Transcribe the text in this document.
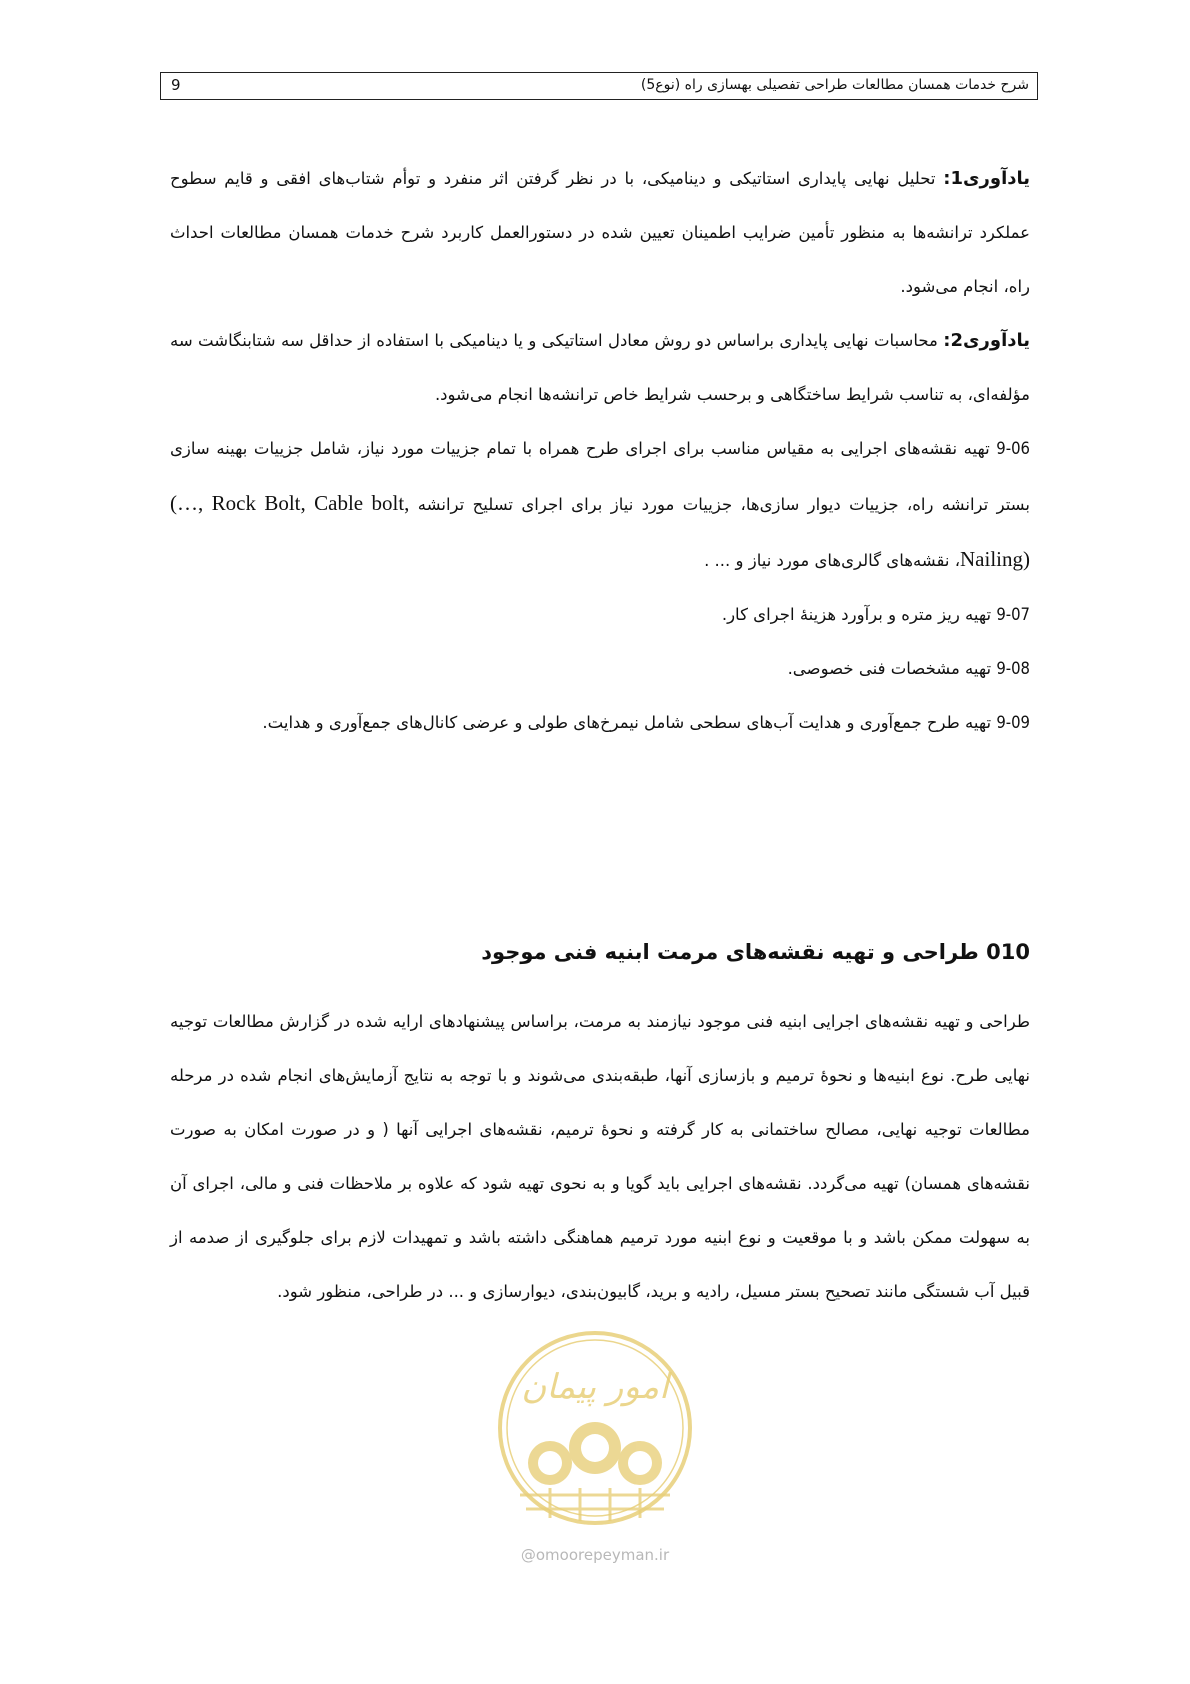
9	شرح خدمات همسان مطالعات طراحی تفصیلی بهسازی راه (نوع5)

یادآوری1: تحلیل نهایی پایداری استاتیکی و دینامیکی، با در نظر گرفتن اثر منفرد و توأم شتاب‌های افقی و قایم سطوح عملکرد ترانشه‌ها به منظور تأمین ضرایب اطمینان تعیین شده در دستورالعمل کاربرد شرح خدمات همسان مطالعات احداث راه، انجام می‌شود.

یادآوری2: محاسبات نهایی پایداری براساس دو روش معادل استاتیکی و یا دینامیکی با استفاده از حداقل سه شتابنگاشت سه مؤلفه‌ای، به تناسب شرایط ساختگاهی و برحسب شرایط خاص ترانشه‌ها انجام می‌شود.

9-06 تهیه نقشه‌های اجرایی به مقیاس مناسب برای اجرای طرح همراه با تمام جزییات مورد نیاز، شامل جزییات بهینه سازی بستر ترانشه راه، جزییات دیوار سازی‌ها، جزییات مورد نیاز برای اجرای تسلیح ترانشه (…, Rock Bolt, Cable bolt, Nailing)، نقشه‌های گالری‌های مورد نیاز و ... .

9-07 تهیه ریز متره و برآورد هزینۀ اجرای کار.

9-08 تهیه مشخصات فنی خصوصی.

9-09 تهیه طرح جمع‌آوری و هدایت آب‌های سطحی شامل نیمرخ‌های طولی و عرضی کانال‌های جمع‌آوری و هدایت.

010 طراحی و تهیه نقشه‌های مرمت ابنیه فنی موجود

طراحی و تهیه نقشه‌های اجرایی ابنیه فنی موجود نیازمند به مرمت، براساس پیشنهادهای ارایه شده در گزارش مطالعات توجیه نهایی طرح. نوع ابنیه‌ها و نحوۀ ترمیم و بازسازی آنها، طبقه‌بندی می‌شوند و با توجه به نتایج آزمایش‌های انجام شده در مرحله مطالعات توجیه نهایی، مصالح ساختمانی به کار گرفته و نحوۀ ترمیم، نقشه‌های اجرایی آنها ( و در صورت امکان به صورت نقشه‌های همسان) تهیه می‌گردد. نقشه‌های اجرایی باید گویا و به نحوی تهیه شود که علاوه بر ملاحظات فنی و مالی، اجرای آن به سهولت ممکن باشد و با موقعیت و نوع ابنیه مورد ترمیم هماهنگی داشته باشد و تمهیدات لازم برای جلوگیری از صدمه از قبیل آب شستگی مانند تصحیح بستر مسیل، رادیه و برید، گابیون‌بندی، دیوارسازی و ... در طراحی، منظور شود.

امور پیمان
@omoorepeyman.ir
